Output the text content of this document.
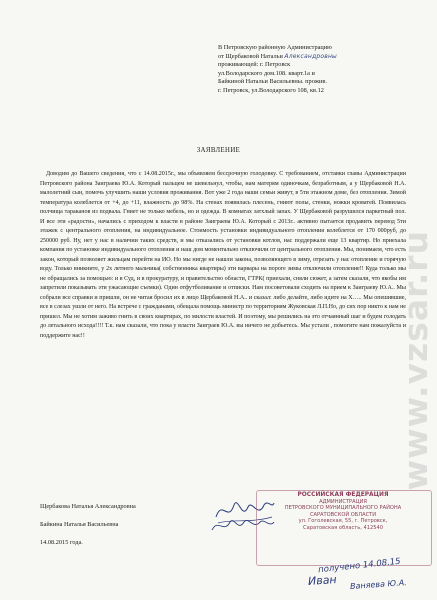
В Петровскую районную Администрацию
от Щербаковой Натальи Александровны
проживающей: г. Петровск
ул.Володарского дом.108. кварт.1а и
Байкиной Натальи Васильевны. прожив.
г. Петровск, ул.Володарского 108, кв.12
ЗАЯВЛЕНИЕ

Доводим до Вашего сведения, что с 14.08.2015г., мы объявляем бессрочную голодовку. С требованием, отставки главы Администрации Петровского района Заиграева Ю.А. Который пальцем не шевельнул, чтобы, нам матерям одиночкам, безработным, а у Щербаковой Н.А. малолетний сын, помочь улучшить наши условия проживания. Вот уже 2 года наши семьи живут, в 5ти этажном доме, без отопления. Зимой температура колеблется от +4, до +11, влажность до 98%. На стенах появилась плесень, гниют полы, стенки, ножки кроватей. Появилась полчища тараканов из подвала. Гниет не только мебель, но и одежда. В комнатах затхлый запах. У Щербаковой разрушился паркетный пол. И все эти «радости», начались с приходом к власти в районе Заиграева Ю.А. Который с 2013г.. активно пытается продавить перевод 5ти этажек с центрального отопления, на индивидуальное. Стоимость установки индивидуального отопления колеблется от 170 000руб, до 250000 руб. Ну, нет у нас в наличии таких средств, и мы отказались от установки котлов, нас поддержали еще 13 квартир. Но приехала компания по установке индивидуального отопления и наш дом моментально отключили от центрального отопления. Мы, понимаем, что есть закон, который позволяет жильцам перейти на ИО. Но мы нигде не нашли закона, позволяющего в зиму, отрезать у нас отопление и горячую воду. Только вникните, у 2х летнего мальчика( собственника квартиры) эти варвары на пороге зимы отключили отопление!! Куда только мы не обращались за помощью: и в Суд, и в прокуратуру, и правительство области, ГТРК( приехали, сняли сюжет, а затем сказали, что якобы им запретили показывать эти ужасающие съемки). Один отфутболивание и отписки. Нам посоветовали сходить на прием к Заиграеву Ю.А.. Мы собрали все справки и пришли, он не читая бросил их в лицо Щербаковой Н.А.. и сказал: либо делайте, либо идите на Х….. Мы опешившие, все в слезах ушли от него. На встрече с гражданами, обещала помощь министр по территориям Жуковская Л.П.Но, до сих пор никто к нам не пришел. Мы не хотим заживо гнить в своих квартирах, по милости властей. И поэтому, мы решились на это отчаянный шаг и будем голодать до летального исхода!!!! Т.к. нам сказали, что пока у власти Заиграев Ю.А. вы ничего не добьетесь. Мы устали , помогите нам пожалуйста и поддержите нас!!

Щербакова Наталья Александровна
Байкина Наталья Васильевна
14.08.2015 года.
РОССИЙСКАЯ ФЕДЕРАЦИЯ
АДМИНИСТРАЦИЯ
ПЕТРОВСКОГО МУНИЦИПАЛЬНОГО РАЙОНА
САРАТОВСКОЙ ОБЛАСТИ
ул. Гоголевская, 55, г. Петровск,
Саратовская область, 412540
получено 14.08.15
Иван Ваняева Ю.А.
www.vzsar.ru
